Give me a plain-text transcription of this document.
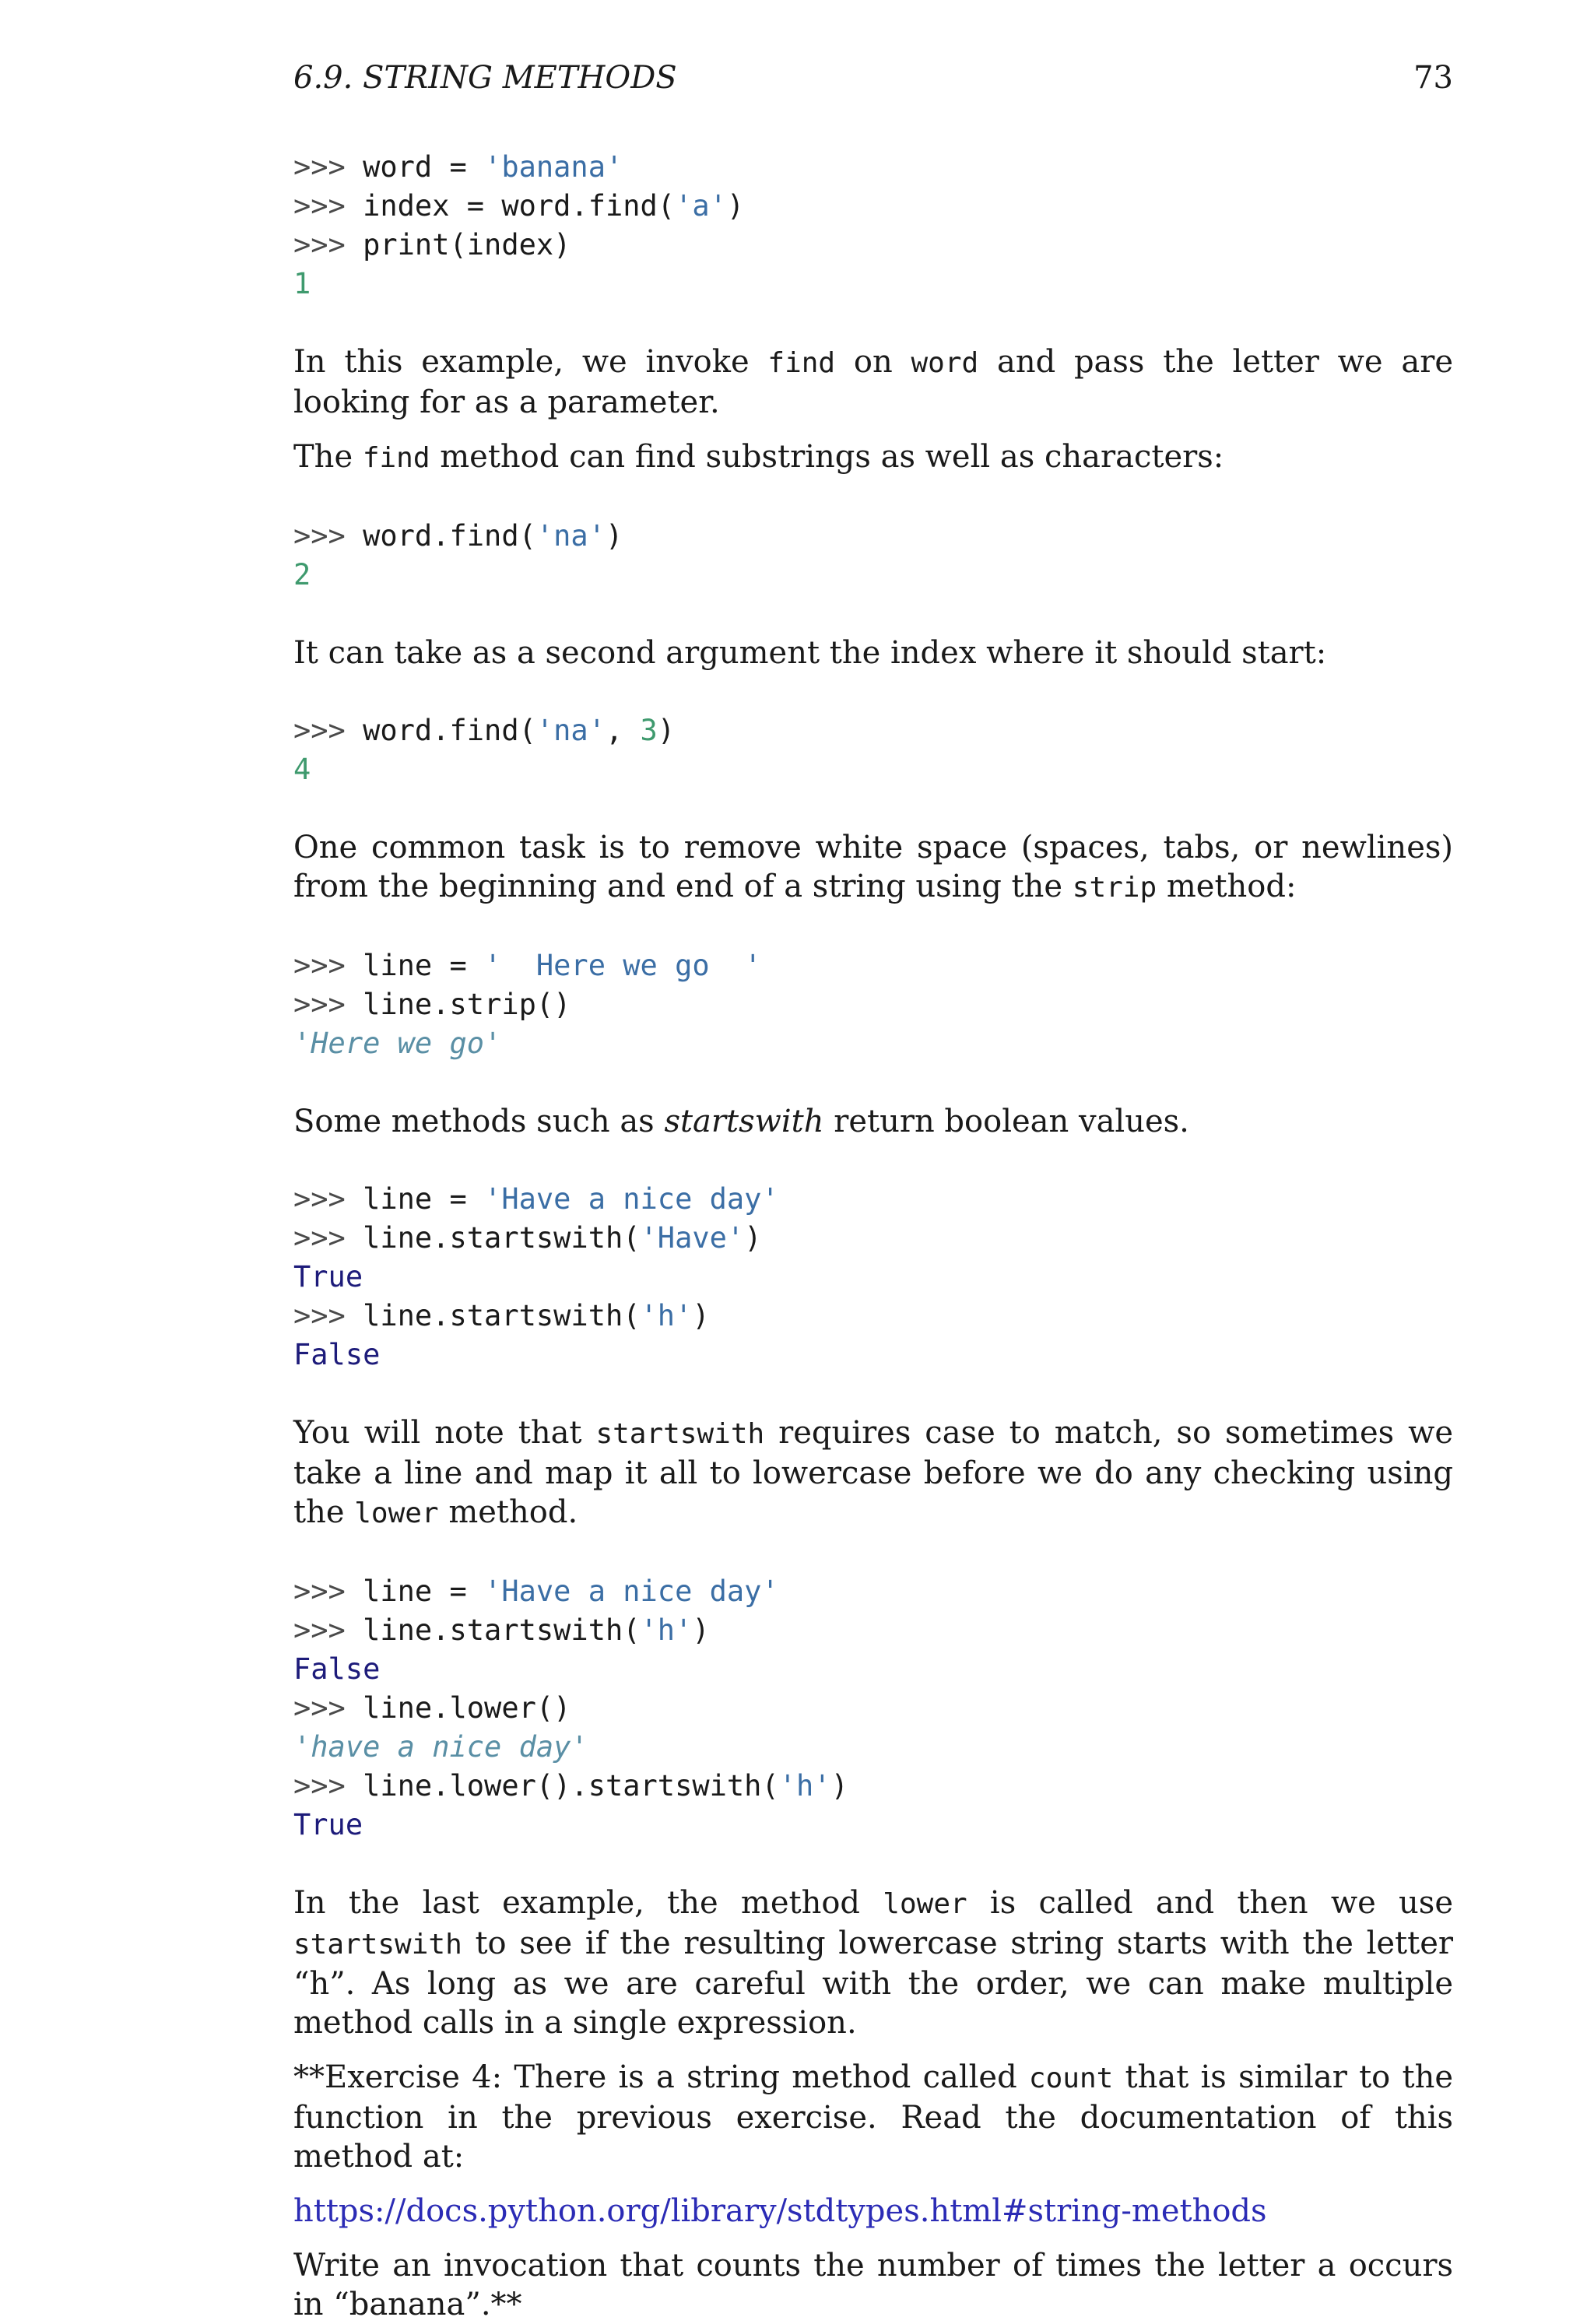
6.9. STRING METHODS	73
>>> word = 'banana'
>>> index = word.find('a')
>>> print(index)
1

In this example, we invoke find on word and pass the letter we are looking for as a parameter.

The find method can find substrings as well as characters:

>>> word.find('na')
2

It can take as a second argument the index where it should start:

>>> word.find('na', 3)
4

One common task is to remove white space (spaces, tabs, or newlines) from the beginning and end of a string using the strip method:

>>> line = '  Here we go  '
>>> line.strip()
'Here we go'

Some methods such as startswith return boolean values.

>>> line = 'Have a nice day'
>>> line.startswith('Have')
True
>>> line.startswith('h')
False

You will note that startswith requires case to match, so sometimes we take a line and map it all to lowercase before we do any checking using the lower method.

>>> line = 'Have a nice day'
>>> line.startswith('h')
False
>>> line.lower()
'have a nice day'
>>> line.lower().startswith('h')
True

In the last example, the method lower is called and then we use startswith to see if the resulting lowercase string starts with the letter “h”. As long as we are careful with the order, we can make multiple method calls in a single expression.

**Exercise 4: There is a string method called count that is similar to the function in the previous exercise. Read the documentation of this method at:

https://docs.python.org/library/stdtypes.html#string-methods

Write an invocation that counts the number of times the letter a occurs in “banana”.**
